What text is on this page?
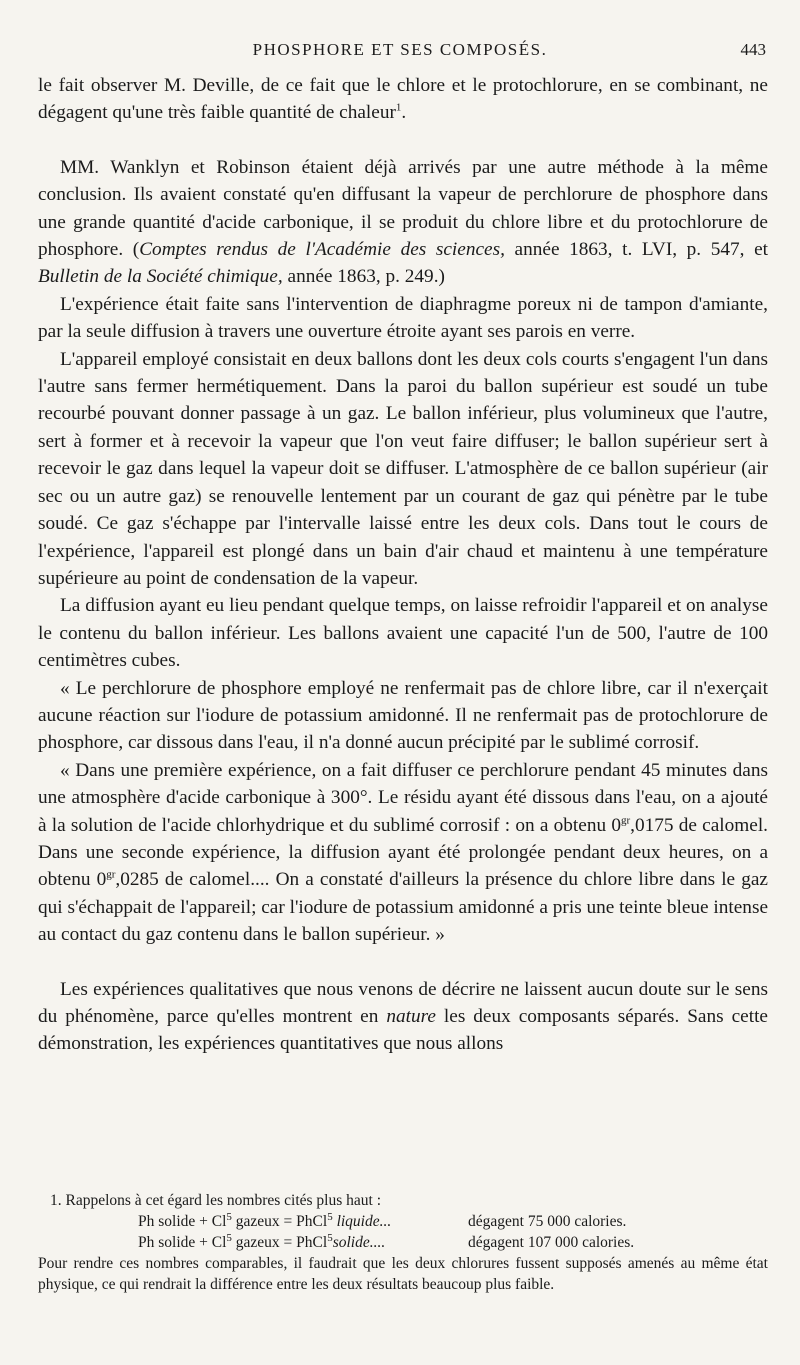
PHOSPHORE ET SES COMPOSÉS.	443

le fait observer M. Deville, de ce fait que le chlore et le protochlorure, en se combinant, ne dégagent qu'une très faible quantité de chaleur$^1$.

MM. Wanklyn et Robinson étaient déjà arrivés par une autre méthode à la même conclusion. Ils avaient constaté qu'en diffusant la vapeur de perchlorure de phosphore dans une grande quantité d'acide carbonique, il se produit du chlore libre et du protochlorure de phosphore. (Comptes rendus de l'Académie des sciences, année 1863, t. LVI, p. 547, et Bulletin de la Société chimique, année 1863, p. 249.)

L'expérience était faite sans l'intervention de diaphragme poreux ni de tampon d'amiante, par la seule diffusion à travers une ouverture étroite ayant ses parois en verre.

L'appareil employé consistait en deux ballons dont les deux cols courts s'engagent l'un dans l'autre sans fermer hermétiquement. Dans la paroi du ballon supérieur est soudé un tube recourbé pouvant donner passage à un gaz. Le ballon inférieur, plus volumineux que l'autre, sert à former et à recevoir la vapeur que l'on veut faire diffuser; le ballon supérieur sert à recevoir le gaz dans lequel la vapeur doit se diffuser. L'atmosphère de ce ballon supérieur (air sec ou un autre gaz) se renouvelle lentement par un courant de gaz qui pénètre par le tube soudé. Ce gaz s'échappe par l'intervalle laissé entre les deux cols. Dans tout le cours de l'expérience, l'appareil est plongé dans un bain d'air chaud et maintenu à une température supérieure au point de condensation de la vapeur.

La diffusion ayant eu lieu pendant quelque temps, on laisse refroidir l'appareil et on analyse le contenu du ballon inférieur. Les ballons avaient une capacité l'un de 500, l'autre de 100 centimètres cubes.

« Le perchlorure de phosphore employé ne renfermait pas de chlore libre, car il n'exerçait aucune réaction sur l'iodure de potassium amidonné. Il ne renfermait pas de protochlorure de phosphore, car dissous dans l'eau, il n'a donné aucun précipité par le sublimé corrosif.

« Dans une première expérience, on a fait diffuser ce perchlorure pendant 45 minutes dans une atmosphère d'acide carbonique à 300°. Le résidu ayant été dissous dans l'eau, on a ajouté à la solution de l'acide chlorhydrique et du sublimé corrosif : on a obtenu $0^{gr},0175$ de calomel. Dans une seconde expérience, la diffusion ayant été prolongée pendant deux heures, on a obtenu $0^{gr},0285$ de calomel.... On a constaté d'ailleurs la présence du chlore libre dans le gaz qui s'échappait de l'appareil; car l'iodure de potassium amidonné a pris une teinte bleue intense au contact du gaz contenu dans le ballon supérieur. »

Les expériences qualitatives que nous venons de décrire ne laissent aucun doute sur le sens du phénomène, parce qu'elles montrent en nature les deux composants séparés. Sans cette démonstration, les expériences quantitatives que nous allons

1. Rappelons à cet égard les nombres cités plus haut :

Ph solide + $Cl^5$ gazeux = PhCl$^5$ liquide...	dégagent 75 000 calories.
Ph solide + $Cl^5$ gazeux = PhCl$^5$solide....	dégagent 107 000 calories.

Pour rendre ces nombres comparables, il faudrait que les deux chlorures fussent supposés amenés au même état physique, ce qui rendrait la différence entre les deux résultats beaucoup plus faible.
